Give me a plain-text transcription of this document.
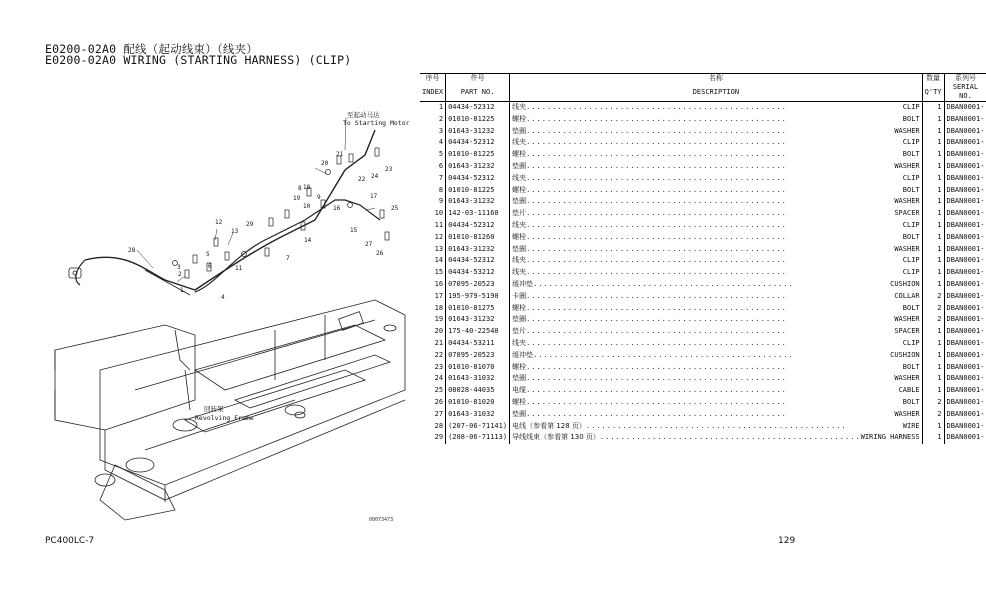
E0200-02A0 配线（起动线束）（线夹）
E0200-02A0 WIRING (STARTING HARNESS) (CLIP)
1
2
3
4
5
6
7
8
9
10
11
12
13
14
15
16
17
18
19
20
21
22
23
24
25
26
27
28
29
至起动马达
To Starting Motor
回转架
Revolving Frame
00073473
序号	件号	名称	数量	系列号
INDEX	PART NO.	DESCRIPTION	Q'TY	SERIAL NO.
1	04434-52312	线夹 .................................................. CLIP	1	DBAN0001-
2	01010-81225	螺栓 .................................................. BOLT	1	DBAN0001-
3	01643-31232	垫圈 .................................................. WASHER	1	DBAN0001-
4	04434-52312	线夹 .................................................. CLIP	1	DBAN0001-
5	01010-81225	螺栓 .................................................. BOLT	1	DBAN0001-
6	01643-31232	垫圈 .................................................. WASHER	1	DBAN0001-
7	04434-52312	线夹 .................................................. CLIP	1	DBAN0001-
8	01010-81225	螺栓 .................................................. BOLT	1	DBAN0001-
9	01643-31232	垫圈 .................................................. WASHER	1	DBAN0001-
10	142-03-11160	垫片 .................................................. SPACER	1	DBAN0001-
11	04434-52312	线夹 .................................................. CLIP	1	DBAN0001-
12	01010-81260	螺栓 .................................................. BOLT	1	DBAN0001-
13	01643-31232	垫圈 .................................................. WASHER	1	DBAN0001-
14	04434-52312	线夹 .................................................. CLIP	1	DBAN0001-
15	04434-53212	线夹 .................................................. CLIP	1	DBAN0001-
16	07095-20523	缓冲垫 .................................................. CUSHION	1	DBAN0001-
17	195-979-5190	卡圈 .................................................. COLLAR	2	DBAN0001-
18	01010-81275	螺栓 .................................................. BOLT	2	DBAN0001-
19	01643-31232	垫圈 .................................................. WASHER	2	DBAN0001-
20	175-40-22540	垫片 .................................................. SPACER	1	DBAN0001-
21	04434-53211	线夹 .................................................. CLIP	1	DBAN0001-
22	07095-20523	缓冲垫 .................................................. CUSHION	1	DBAN0001-
23	01010-81070	螺栓 .................................................. BOLT	1	DBAN0001-
24	01643-31032	垫圈 .................................................. WASHER	1	DBAN0001-
25	08028-44035	电缆 .................................................. CABLE	1	DBAN0001-
26	01010-81020	螺栓 .................................................. BOLT	2	DBAN0001-
27	01643-31032	垫圈 .................................................. WASHER	2	DBAN0001-
28	(207-06-71141)	电线（参看第 128 页） .................................................. WIRE	1	DBAN0001-
29	(208-06-71113)	导线线束（参看第 130 页） .................................................. WIRING HARNESS	1	DBAN0001-
PC400LC-7	129
